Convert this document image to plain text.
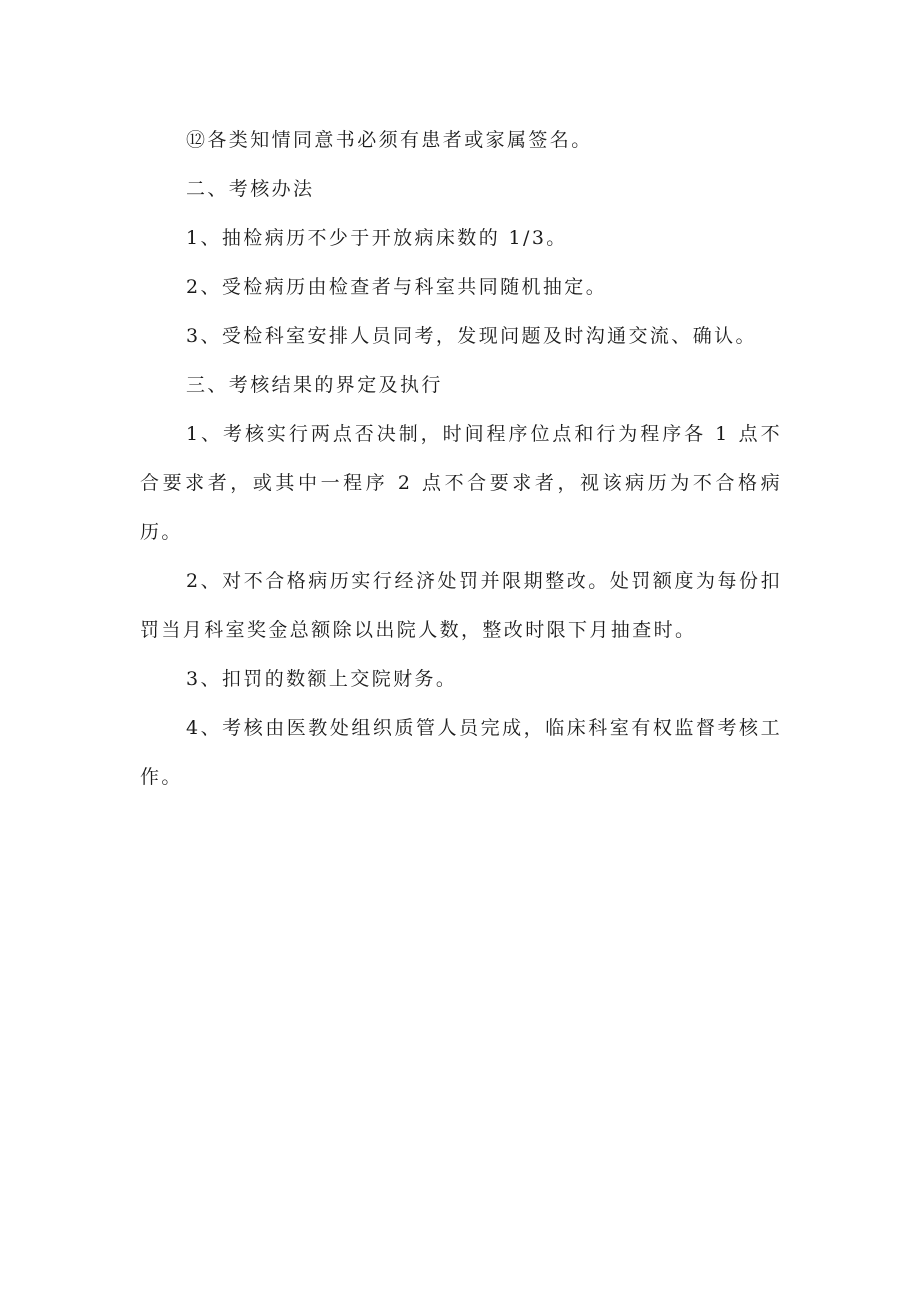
⑫各类知情同意书必须有患者或家属签名。

二、考核办法

1、抽检病历不少于开放病床数的 1/3。

2、受检病历由检查者与科室共同随机抽定。

3、受检科室安排人员同考，发现问题及时沟通交流、确认。

三、考核结果的界定及执行

1、考核实行两点否决制，时间程序位点和行为程序各 1 点不合要求者，或其中一程序 2 点不合要求者，视该病历为不合格病历。

2、对不合格病历实行经济处罚并限期整改。处罚额度为每份扣罚当月科室奖金总额除以出院人数，整改时限下月抽查时。

3、扣罚的数额上交院财务。

4、考核由医教处组织质管人员完成，临床科室有权监督考核工作。
